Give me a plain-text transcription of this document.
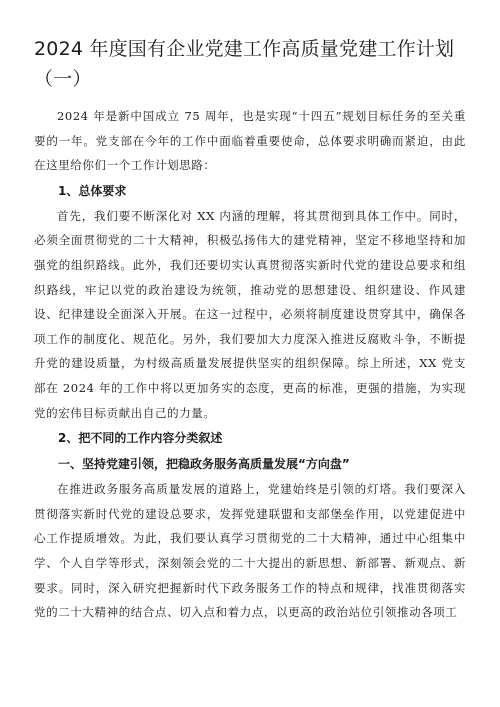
2024 年度国有企业党建工作高质量党建工作计划（一）

2024 年是新中国成立 75 周年，也是实现“十四五”规划目标任务的至关重要的一年。党支部在今年的工作中面临着重要使命，总体要求明确而紧迫，由此在这里给你们一个工作计划思路：

1、总体要求

首先，我们要不断深化对 XX 内涵的理解，将其贯彻到具体工作中。同时，必须全面贯彻党的二十大精神，积极弘扬伟大的建党精神，坚定不移地坚持和加强党的组织路线。此外，我们还要切实认真贯彻落实新时代党的建设总要求和组织路线，牢记以党的政治建设为统领，推动党的思想建设、组织建设、作风建设、纪律建设全面深入开展。在这一过程中，必须将制度建设贯穿其中，确保各项工作的制度化、规范化。另外，我们要加大力度深入推进反腐败斗争，不断提升党的建设质量，为村级高质量发展提供坚实的组织保障。综上所述，XX 党支部在 2024 年的工作中将以更加务实的态度，更高的标准，更强的措施，为实现党的宏伟目标贡献出自己的力量。

2、把不同的工作内容分类叙述
一、坚持党建引领，把稳政务服务高质量发展“方向盘”

在推进政务服务高质量发展的道路上，党建始终是引领的灯塔。我们要深入贯彻落实新时代党的建设总要求，发挥党建联盟和支部堡垒作用，以党建促进中心工作提质增效。为此，我们要认真学习贯彻党的二十大精神，通过中心组集中学、个人自学等形式，深刻领会党的二十大提出的新思想、新部署、新观点、新要求。同时，深入研究把握新时代下政务服务工作的特点和规律，找准贯彻落实党的二十大精神的结合点、切入点和着力点，以更高的政治站位引领推动各项工
